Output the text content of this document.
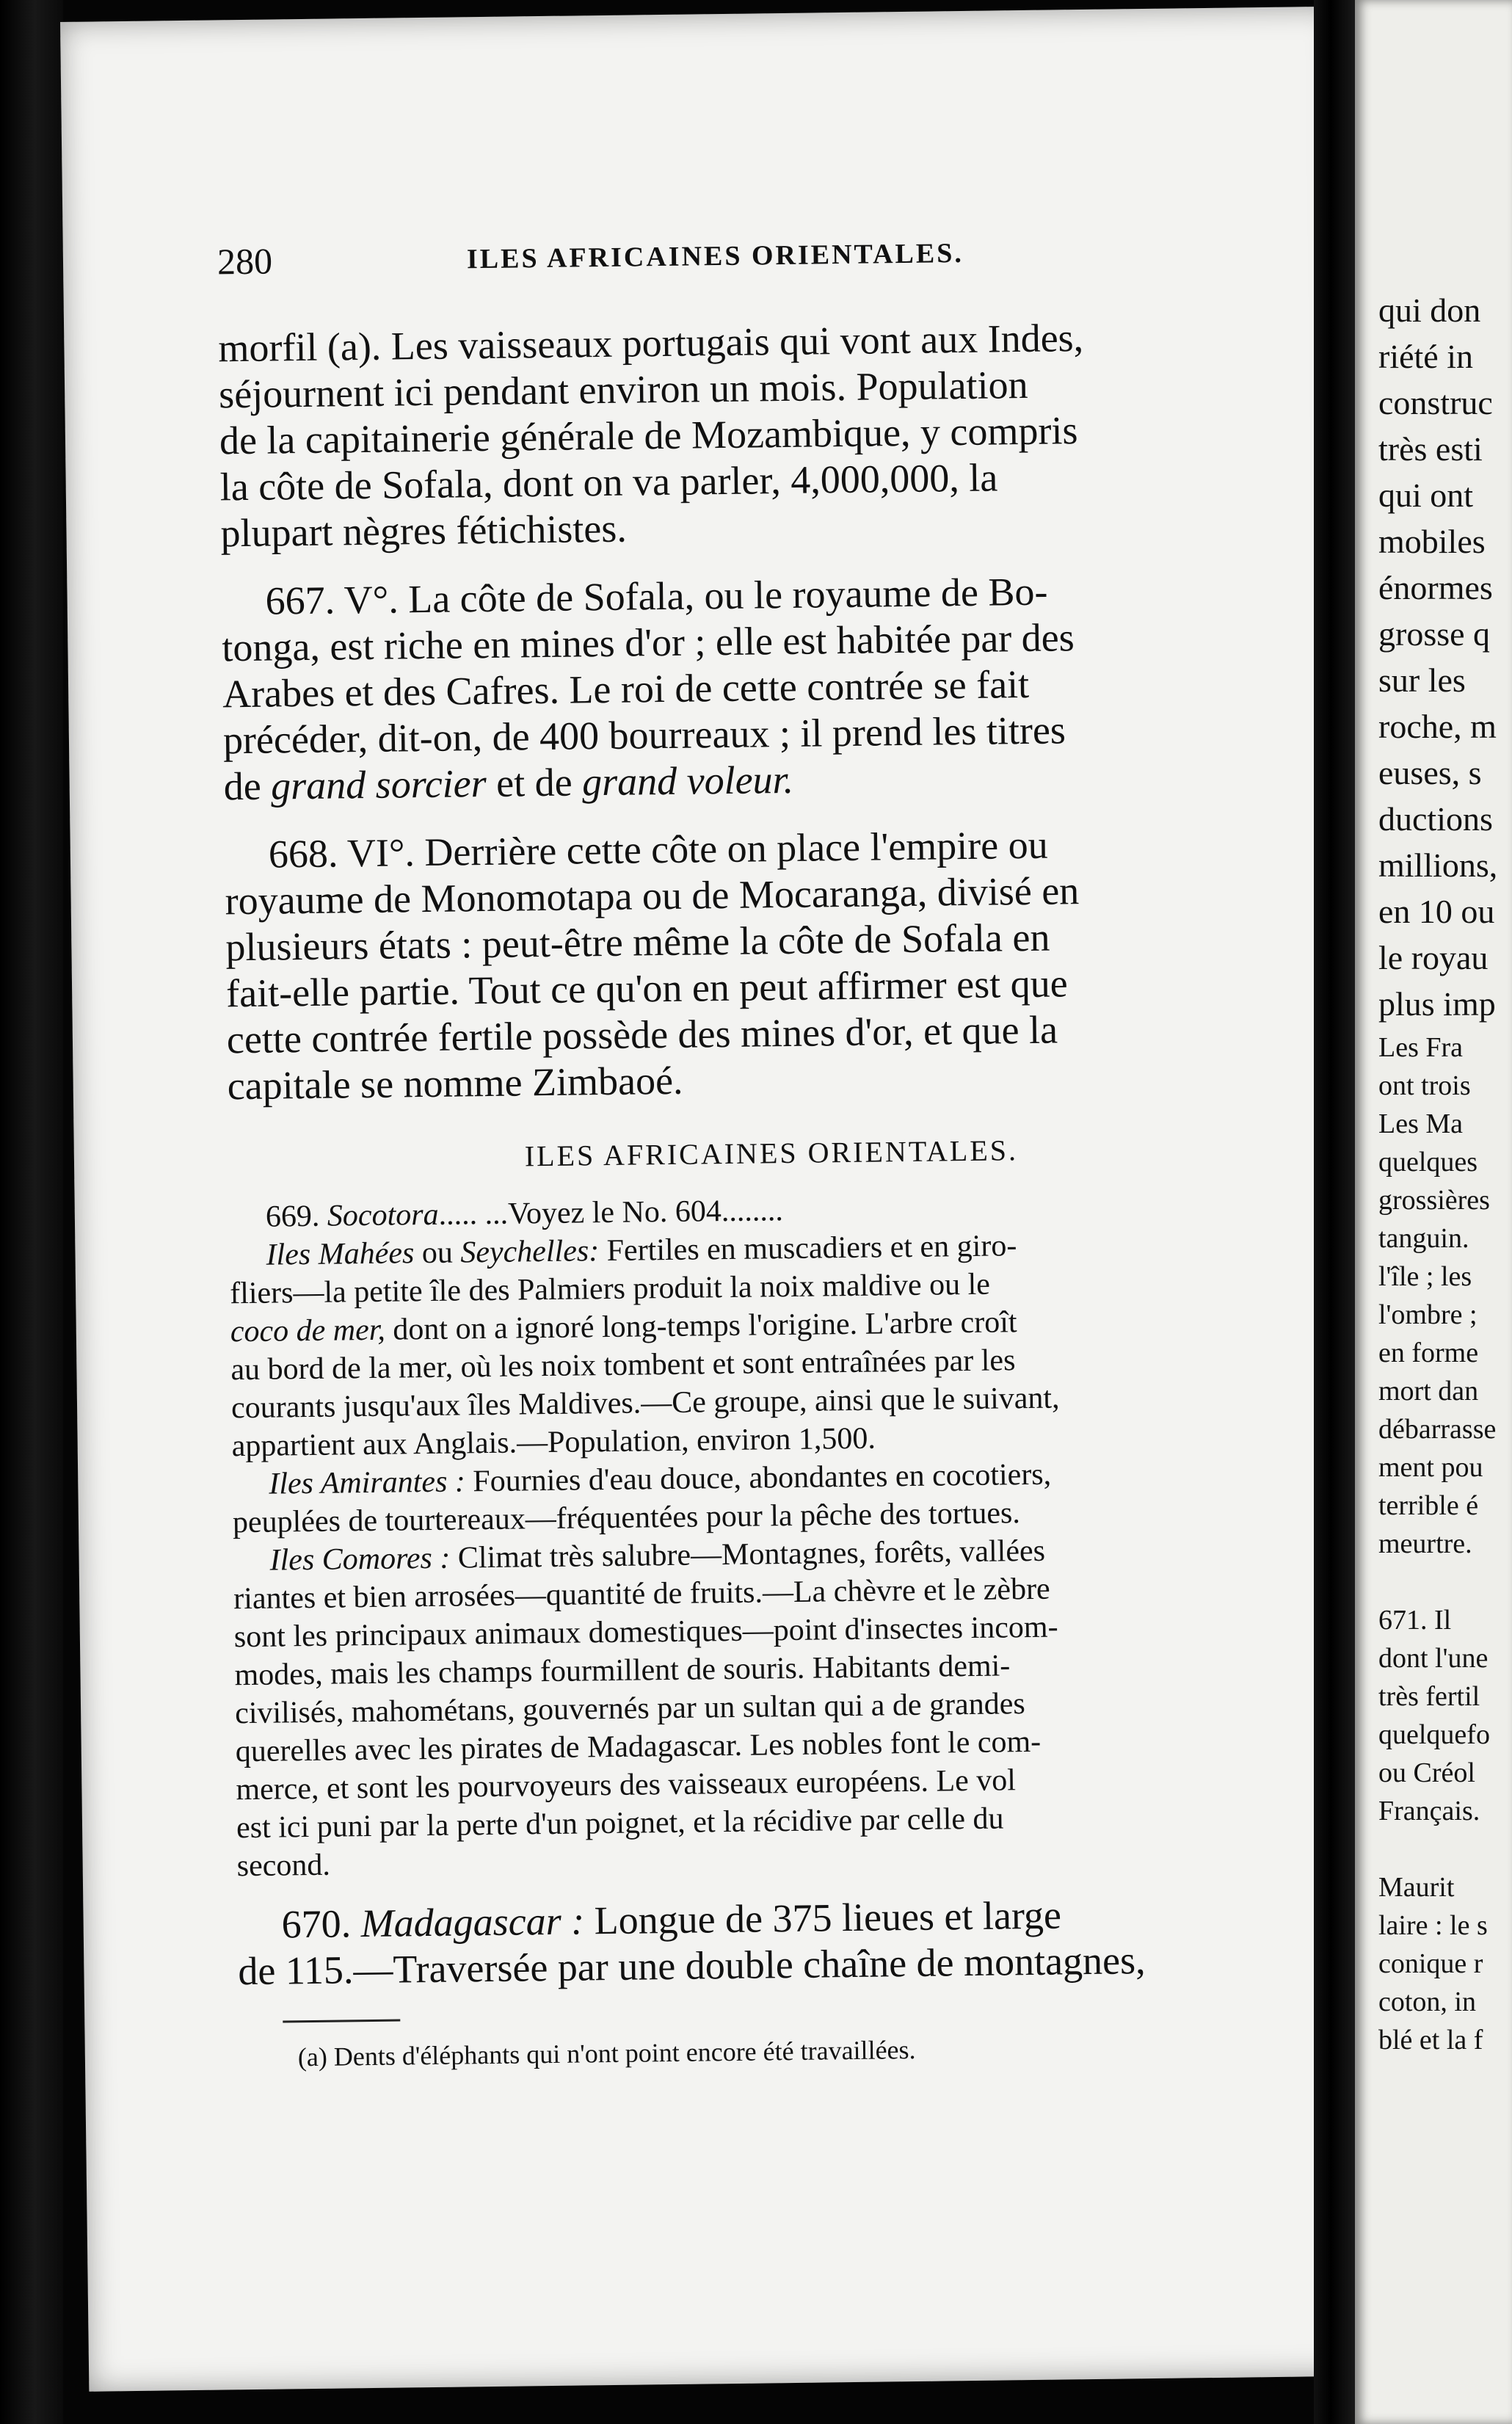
280	ILES AFRICAINES ORIENTALES.
morfil (a). Les vaisseaux portugais qui vont aux Indes,
séjournent ici pendant environ un mois. Population
de la capitainerie générale de Mozambique, y compris
la côte de Sofala, dont on va parler, 4,000,000, la
plupart nègres fétichistes.
667. V°. La côte de Sofala, ou le royaume de Bo-
tonga, est riche en mines d'or ; elle est habitée par des
Arabes et des Cafres. Le roi de cette contrée se fait
précéder, dit-on, de 400 bourreaux ; il prend les titres
de grand sorcier et de grand voleur.
668. VI°. Derrière cette côte on place l'empire ou
royaume de Monomotapa ou de Mocaranga, divisé en
plusieurs états : peut-être même la côte de Sofala en
fait-elle partie. Tout ce qu'on en peut affirmer est que
cette contrée fertile possède des mines d'or, et que la
capitale se nomme Zimbaoé.
ILES AFRICAINES ORIENTALES.
669. Socotora..... ...Voyez le No. 604........
Iles Mahées ou Seychelles: Fertiles en muscadiers et en giro-
fliers—la petite île des Palmiers produit la noix maldive ou le
coco de mer, dont on a ignoré long-temps l'origine. L'arbre croît
au bord de la mer, où les noix tombent et sont entraînées par les
courants jusqu'aux îles Maldives.—Ce groupe, ainsi que le suivant,
appartient aux Anglais.—Population, environ 1,500.
Iles Amirantes : Fournies d'eau douce, abondantes en cocotiers,
peuplées de tourtereaux—fréquentées pour la pêche des tortues.
Iles Comores : Climat très salubre—Montagnes, forêts, vallées
riantes et bien arrosées—quantité de fruits.—La chèvre et le zèbre
sont les principaux animaux domestiques—point d'insectes incom-
modes, mais les champs fourmillent de souris. Habitants demi-
civilisés, mahométans, gouvernés par un sultan qui a de grandes
querelles avec les pirates de Madagascar. Les nobles font le com-
merce, et sont les pourvoyeurs des vaisseaux européens. Le vol
est ici puni par la perte d'un poignet, et la récidive par celle du
second.
670. Madagascar : Longue de 375 lieues et large
de 115.—Traversée par une double chaîne de montagnes,
(a) Dents d'éléphants qui n'ont point encore été travaillées.
qui don
riété in
construc
très esti
qui ont
mobiles
énormes
grosse q
sur les
roche, m
euses, s
ductions
millions,
en 10 ou
le royau
plus imp
Les Fra
ont trois
Les Ma
quelques
grossières
tanguin.
l'île ; les
l'ombre ;
en forme
mort dan
débarrasse
ment pou
terrible é
meurtre.
671. Il
dont l'une
très fertil
quelquefo
ou Créol
Français.
Maurit
laire : le s
conique r
coton, in
blé et la f
